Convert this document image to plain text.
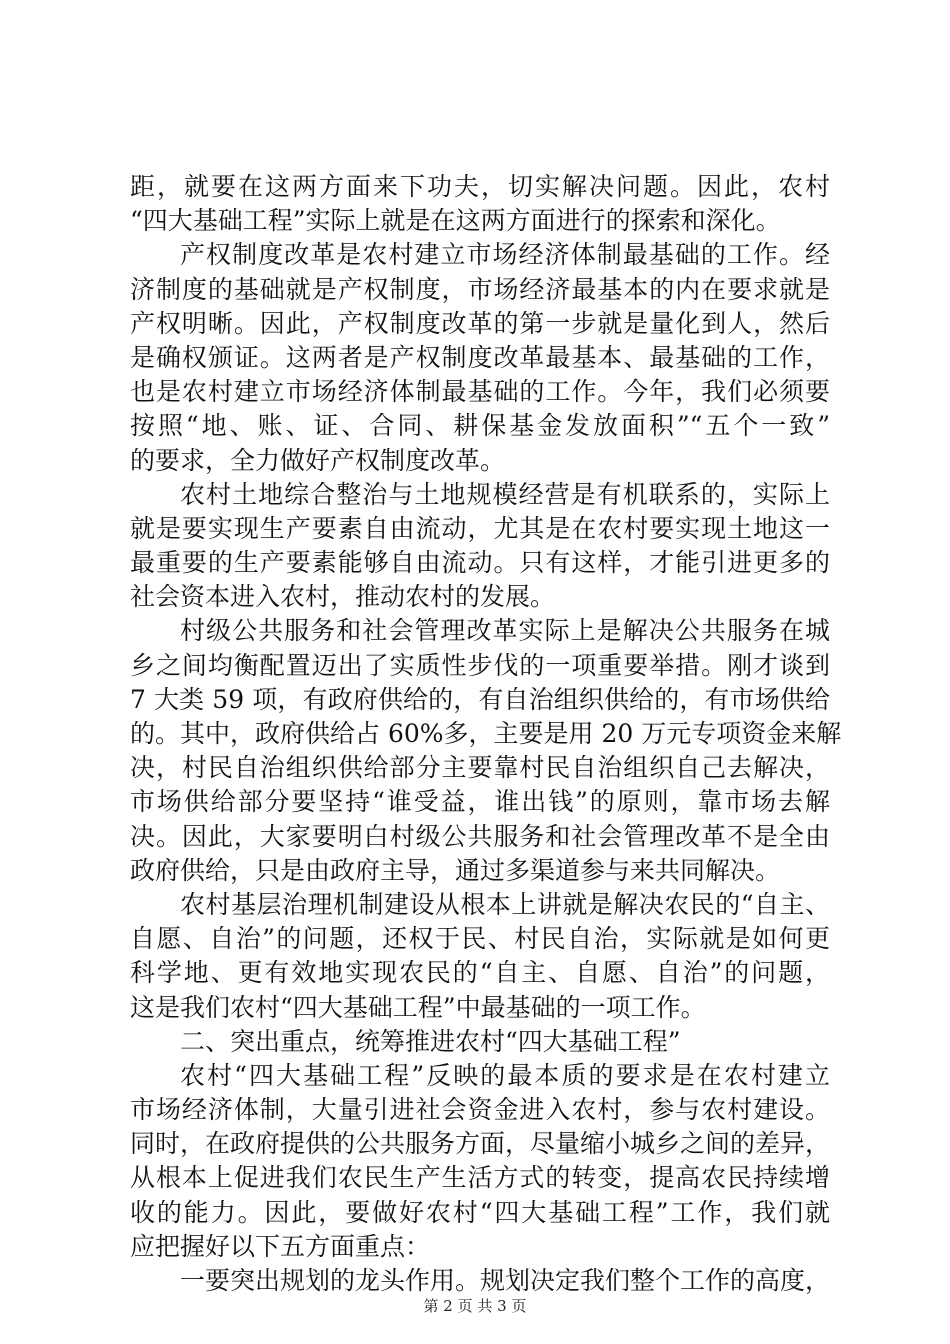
距，就要在这两方面来下功夫，切实解决问题。因此，农村
“四大基础工程”实际上就是在这两方面进行的探索和深化。
产权制度改革是农村建立市场经济体制最基础的工作。经
济制度的基础就是产权制度，市场经济最基本的内在要求就是
产权明晰。因此，产权制度改革的第一步就是量化到人，然后
是确权颁证。这两者是产权制度改革最基本、最基础的工作，
也是农村建立市场经济体制最基础的工作。今年，我们必须要
按照“地、账、证、合同、耕保基金发放面积”“五个一致”
的要求，全力做好产权制度改革。
农村土地综合整治与土地规模经营是有机联系的，实际上
就是要实现生产要素自由流动，尤其是在农村要实现土地这一
最重要的生产要素能够自由流动。只有这样，才能引进更多的
社会资本进入农村，推动农村的发展。
村级公共服务和社会管理改革实际上是解决公共服务在城
乡之间均衡配置迈出了实质性步伐的一项重要举措。刚才谈到
7 大类 59 项，有政府供给的，有自治组织供给的，有市场供给
的。其中，政府供给占 60%多，主要是用 20 万元专项资金来解
决，村民自治组织供给部分主要靠村民自治组织自己去解决，
市场供给部分要坚持“谁受益，谁出钱”的原则，靠市场去解
决。因此，大家要明白村级公共服务和社会管理改革不是全由
政府供给，只是由政府主导，通过多渠道参与来共同解决。
农村基层治理机制建设从根本上讲就是解决农民的“自主、
自愿、自治”的问题，还权于民、村民自治，实际就是如何更
科学地、更有效地实现农民的“自主、自愿、自治”的问题，
这是我们农村“四大基础工程”中最基础的一项工作。
二、突出重点，统筹推进农村“四大基础工程”
农村“四大基础工程”反映的最本质的要求是在农村建立
市场经济体制，大量引进社会资金进入农村，参与农村建设。
同时，在政府提供的公共服务方面，尽量缩小城乡之间的差异，
从根本上促进我们农民生产生活方式的转变，提高农民持续增
收的能力。因此，要做好农村“四大基础工程”工作，我们就
应把握好以下五方面重点：
一要突出规划的龙头作用。规划决定我们整个工作的高度，
第 2 页 共 3 页
